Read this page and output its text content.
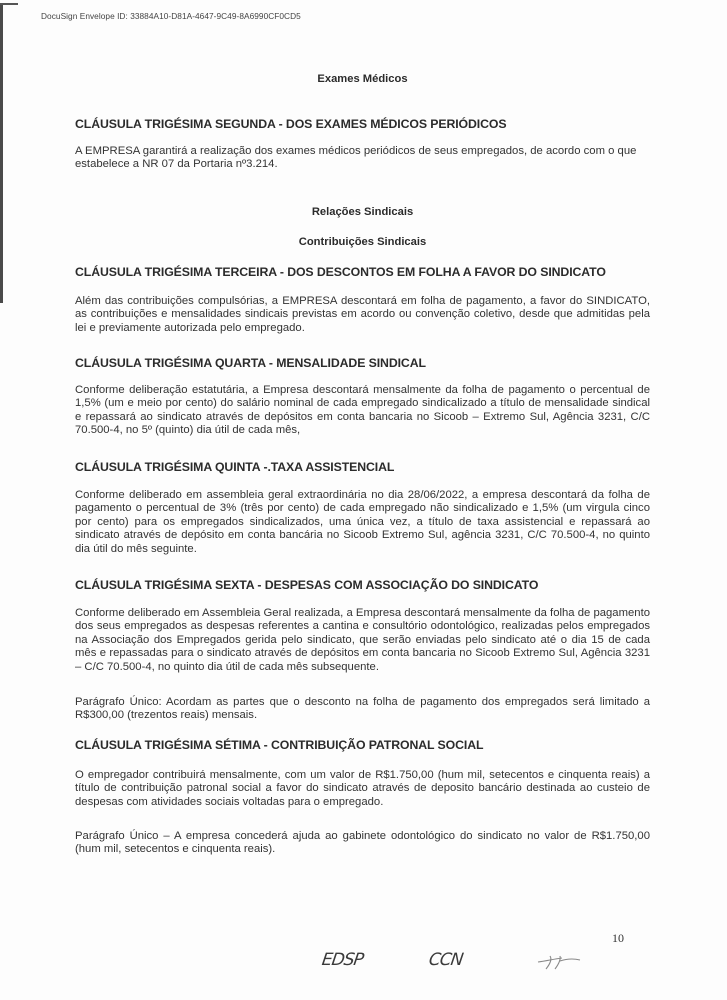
DocuSign Envelope ID: 33884A10-D81A-4647-9C49-8A6990CF0CD5
Exames Médicos
CLÁUSULA TRIGÉSIMA SEGUNDA - DOS EXAMES MÉDICOS PERIÓDICOS
A EMPRESA garantirá a realização dos exames médicos periódicos de seus empregados, de acordo com o que estabelece a NR 07 da Portaria nº3.214.
Relações Sindicais
Contribuições Sindicais
CLÁUSULA TRIGÉSIMA TERCEIRA - DOS DESCONTOS EM FOLHA A FAVOR DO SINDICATO
Além das contribuições compulsórias, a EMPRESA descontará em folha de pagamento, a favor do SINDICATO, as contribuições e mensalidades sindicais previstas em acordo ou convenção coletivo, desde que admitidas pela lei e previamente autorizada pelo empregado.
CLÁUSULA TRIGÉSIMA QUARTA - MENSALIDADE SINDICAL
Conforme deliberação estatutária, a Empresa descontará mensalmente da folha de pagamento o percentual de 1,5% (um e meio por cento) do salário nominal de cada empregado sindicalizado a título de mensalidade sindical e repassará ao sindicato através de depósitos em conta bancaria no Sicoob – Extremo Sul, Agência 3231, C/C 70.500-4, no 5º (quinto) dia útil de cada mês,
CLÁUSULA TRIGÉSIMA QUINTA -.TAXA ASSISTENCIAL
Conforme deliberado em assembleia geral extraordinária no dia 28/06/2022, a empresa descontará da folha de pagamento o percentual de 3% (três por cento) de cada empregado não sindicalizado e 1,5% (um virgula cinco por cento) para os empregados sindicalizados, uma única vez, a título de taxa assistencial e repassará ao sindicato através de depósito em conta bancária no Sicoob Extremo Sul, agência 3231, C/C 70.500-4, no quinto dia útil do mês seguinte.
CLÁUSULA TRIGÉSIMA SEXTA - DESPESAS COM ASSOCIAÇÃO DO SINDICATO
Conforme deliberado em Assembleia Geral realizada, a Empresa descontará mensalmente da folha de pagamento dos seus empregados as despesas referentes a cantina e consultório odontológico, realizadas pelos empregados na Associação dos Empregados gerida pelo sindicato, que serão enviadas pelo sindicato até o dia 15 de cada mês e repassadas para o sindicato através de depósitos em conta bancaria no Sicoob Extremo Sul, Agência 3231 – C/C 70.500-4, no quinto dia útil de cada mês subsequente.
Parágrafo Único: Acordam as partes que o desconto na folha de pagamento dos empregados será limitado a R$300,00 (trezentos reais) mensais.
CLÁUSULA TRIGÉSIMA SÉTIMA - CONTRIBUIÇÃO PATRONAL SOCIAL
O empregador contribuirá mensalmente, com um valor de R$1.750,00 (hum mil, setecentos e cinquenta reais) a título de contribuição patronal social a favor do sindicato através de deposito bancário destinada ao custeio de despesas com atividades sociais voltadas para o empregado.
Parágrafo Único – A empresa concederá ajuda ao gabinete odontológico do sindicato no valor de R$1.750,00 (hum mil, setecentos e cinquenta reais).
10
EDSP	CCN
